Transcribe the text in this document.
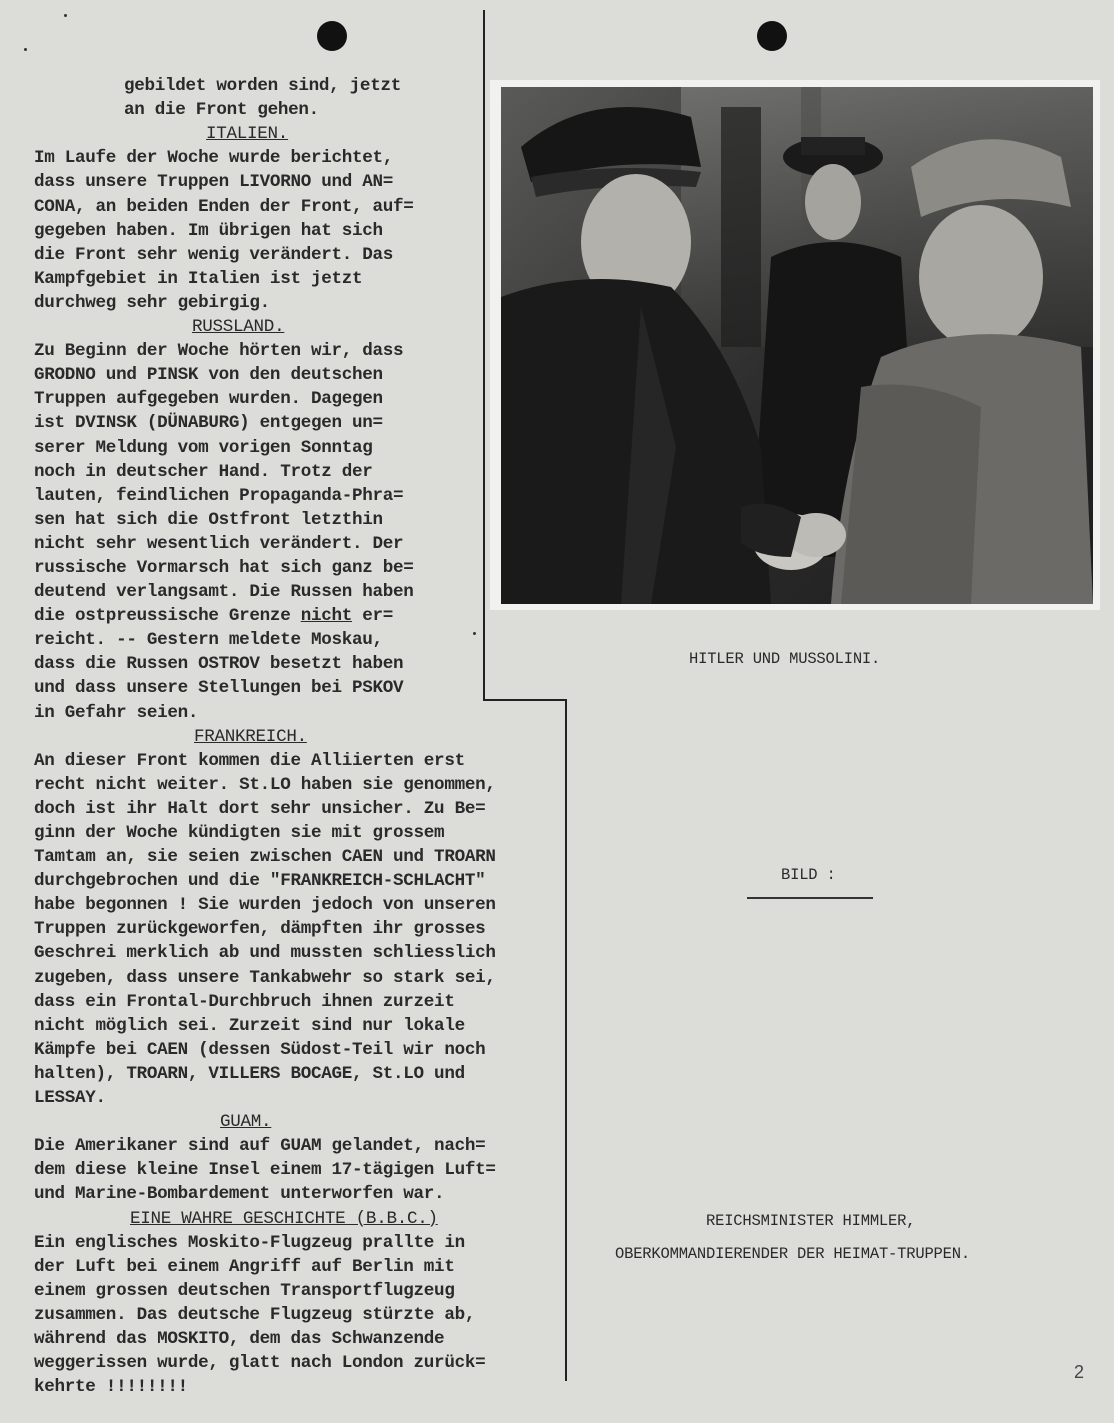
gebildet worden sind, jetzt
an die Front gehen.

ITALIEN.
Im Laufe der Woche wurde berichtet,
dass unsere Truppen LIVORNO und AN=
CONA, an beiden Enden der Front, auf=
gegeben haben. Im übrigen hat sich
die Front sehr wenig verändert. Das
Kampfgebiet in Italien ist jetzt
durchweg sehr gebirgig.

RUSSLAND.
Zu Beginn der Woche hörten wir, dass
GRODNO und PINSK von den deutschen
Truppen aufgegeben wurden. Dagegen
ist DVINSK (DÜNABURG) entgegen un=
serer Meldung vom vorigen Sonntag
noch in deutscher Hand. Trotz der
lauten, feindlichen Propaganda-Phra=
sen hat sich die Ostfront letzthin
nicht sehr wesentlich verändert. Der
russische Vormarsch hat sich ganz be=
deutend verlangsamt. Die Russen haben
die ostpreussische Grenze nicht er=
reicht. -- Gestern meldete Moskau,
dass die Russen OSTROV besetzt haben
und dass unsere Stellungen bei PSKOV
in Gefahr seien.

FRANKREICH.
An dieser Front kommen die Alliierten erst
recht nicht weiter. St.LO haben sie genommen,
doch ist ihr Halt dort sehr unsicher. Zu Be=
ginn der Woche kündigten sie mit grossem
Tamtam an, sie seien zwischen CAEN und TROARN
durchgebrochen und die "FRANKREICH-SCHLACHT"
habe begonnen ! Sie wurden jedoch von unseren
Truppen zurückgeworfen, dämpften ihr grosses
Geschrei merklich ab und mussten schliesslich
zugeben, dass unsere Tankabwehr so stark sei,
dass ein Frontal-Durchbruch ihnen zurzeit
nicht möglich sei. Zurzeit sind nur lokale
Kämpfe bei CAEN (dessen Südost-Teil wir noch
halten), TROARN, VILLERS BOCAGE, St.LO und
LESSAY.

GUAM.
Die Amerikaner sind auf GUAM gelandet, nach=
dem diese kleine Insel einem 17-tägigen Luft=
und Marine-Bombardement unterworfen war.

EINE WAHRE GESCHICHTE (B.B.C.)
Ein englisches Moskito-Flugzeug prallte in
der Luft bei einem Angriff auf Berlin mit
einem grossen deutschen Transportflugzeug
zusammen. Das deutsche Flugzeug stürzte ab,
während das MOSKITO, dem das Schwanzende
weggerissen wurde, glatt nach London zurück=
kehrte !!!!!!!!

HITLER UND MUSSOLINI.
BILD :
REICHSMINISTER HIMMLER,
OBERKOMMANDIERENDER DER HEIMAT-TRUPPEN.
2
